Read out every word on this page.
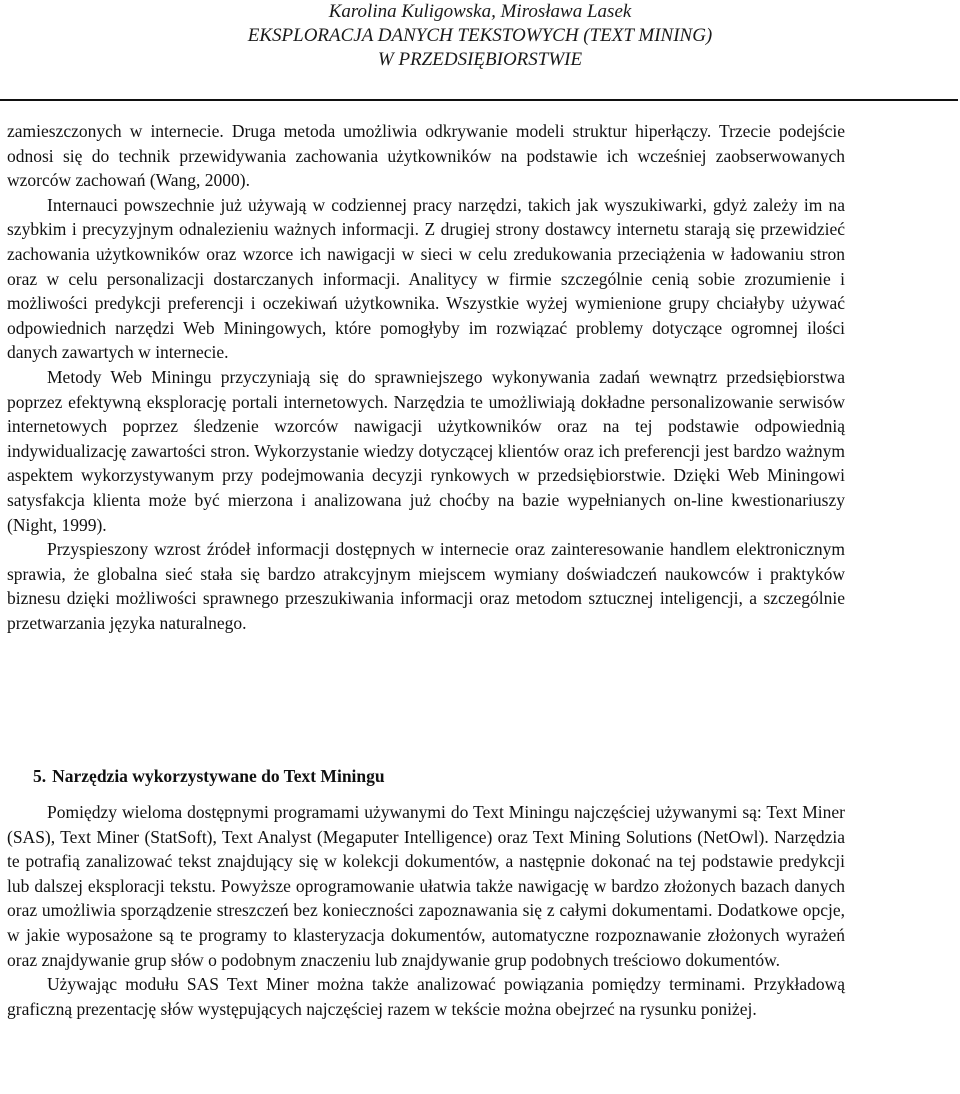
Karolina Kuligowska, Mirosława Lasek
EKSPLORACJA DANYCH TEKSTOWYCH (TEXT MINING)
W PRZEDSIĘBIORSTWIE

zamieszczonych w internecie. Druga metoda umożliwia odkrywanie modeli struktur hiperłączy. Trzecie podejście odnosi się do technik przewidywania zachowania użytkowników na podstawie ich wcześniej zaobserwowanych wzorców zachowań (Wang, 2000).

Internauci powszechnie już używają w codziennej pracy narzędzi, takich jak wyszukiwarki, gdyż zależy im na szybkim i precyzyjnym odnalezieniu ważnych informacji. Z drugiej strony dostawcy internetu starają się przewidzieć zachowania użytkowników oraz wzorce ich nawigacji w sieci w celu zredukowania przeciążenia w ładowaniu stron oraz w celu personalizacji dostarczanych informacji. Analitycy w firmie szczególnie cenią sobie zrozumienie i możliwości predykcji preferencji i oczekiwań użytkownika. Wszystkie wyżej wymienione grupy chciałyby używać odpowiednich narzędzi Web Miningowych, które pomogłyby im rozwiązać problemy dotyczące ogromnej ilości danych zawartych w internecie.

Metody Web Miningu przyczyniają się do sprawniejszego wykonywania zadań wewnątrz przedsiębiorstwa poprzez efektywną eksplorację portali internetowych. Narzędzia te umożliwiają dokładne personalizowanie serwisów internetowych poprzez śledzenie wzorców nawigacji użytkowników oraz na tej podstawie odpowiednią indywidualizację zawartości stron. Wykorzystanie wiedzy dotyczącej klientów oraz ich preferencji jest bardzo ważnym aspektem wykorzystywanym przy podejmowania decyzji rynkowych w przedsiębiorstwie. Dzięki Web Miningowi satysfakcja klienta może być mierzona i analizowana już choćby na bazie wypełnianych on-line kwestionariuszy (Night, 1999).

Przyspieszony wzrost źródeł informacji dostępnych w internecie oraz zainteresowanie handlem elektronicznym sprawia, że globalna sieć stała się bardzo atrakcyjnym miejscem wymiany doświadczeń naukowców i praktyków biznesu dzięki możliwości sprawnego przeszukiwania informacji oraz metodom sztucznej inteligencji, a szczególnie przetwarzania języka naturalnego.

5. Narzędzia wykorzystywane do Text Miningu

Pomiędzy wieloma dostępnymi programami używanymi do Text Miningu najczęściej używanymi są: Text Miner (SAS), Text Miner (StatSoft), Text Analyst (Megaputer Intelligence) oraz Text Mining Solutions (NetOwl). Narzędzia te potrafią zanalizować tekst znajdujący się w kolekcji dokumentów, a następnie dokonać na tej podstawie predykcji lub dalszej eksploracji tekstu. Powyższe oprogramowanie ułatwia także nawigację w bardzo złożonych bazach danych oraz umożliwia sporządzenie streszczeń bez konieczności zapoznawania się z całymi dokumentami. Dodatkowe opcje, w jakie wyposażone są te programy to klasteryzacja dokumentów, automatyczne rozpoznawanie złożonych wyrażeń oraz znajdywanie grup słów o podobnym znaczeniu lub znajdywanie grup podobnych treściowo dokumentów.

Używając modułu SAS Text Miner można także analizować powiązania pomiędzy terminami. Przykładową graficzną prezentację słów występujących najczęściej razem w tekście można obejrzeć na rysunku poniżej.
